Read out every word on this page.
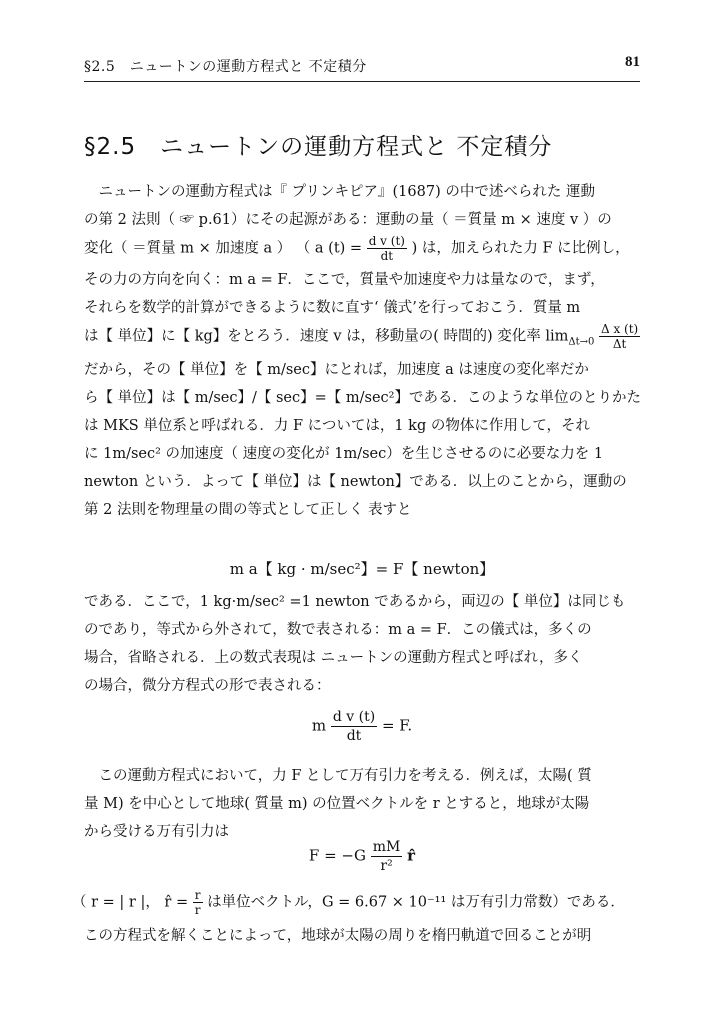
§2.5　ニュートンの運動方程式と 不定積分	81
§2.5　ニュートンの運動方程式と 不定積分
　ニュートンの運動方程式は『 プリンキピア』(1687) の中で述べられた 運動
の第 2 法則（ ☞ p.61）にその起源がある：運動の量（ ＝質量 m × 速度 v ）の
変化（ ＝質量 m × 加速度 a ） （ a $(t) = \frac{\text{d v (t)}}{dt}$ ) は，加えられた力 F に比例し，
その力の方向を向く：m a = F．ここで，質量や加速度や力は量なので，まず，
それらを数学的計算ができるように数に直す‘ 儀式’を行っておこう．質量 m
は【 単位】に【 kg】をとろう．速度 v は，移動量の( 時間的) 変化率 $\lim_{\Delta t\to 0} \frac{\text{Δ x (t)}}{\Delta t}$
だから，その【 単位】を【 m/sec】にとれば，加速度 a は速度の変化率だか
ら【 単位】は【 m/sec】/【 sec】=【 m/sec²】である．このような単位のとりかた
は MKS 単位系と呼ばれる．力 F については，1 kg の物体に作用して，それ
に 1m/sec² の加速度（ 速度の変化が 1m/sec）を生じさせるのに必要な力を 1
newton という．よって【 単位】は【 newton】である．以上のことから，運動の
第 2 法則を物理量の間の等式として正しく 表すと
m a【 kg · m/sec²】= F【 newton】
である．ここで，1 kg·m/sec² =1 newton であるから，両辺の【 単位】は同じも
のであり，等式から外されて，数で表される：m a = F．この儀式は，多くの
場合，省略される．上の数式表現は ニュートンの運動方程式と呼ばれ，多く
の場合，微分方程式の形で表される：
m $\frac{\text{d v (t)}}{dt} = F$.
　この運動方程式において，力 F として万有引力を考える．例えば，太陽( 質
量 M) を中心として地球( 質量 m) の位置ベクトルを r とすると，地球が太陽
から受ける万有引力は
$F = -G \frac{mM}{\text{r²}}$ r̂
（ r = | r |， r̂ = $\frac{r}{r}$ は単位ベクトル，G = 6.67 × 10⁻¹¹ は万有引力常数）である．
この方程式を解くことによって，地球が太陽の周りを楕円軌道で回ることが明
